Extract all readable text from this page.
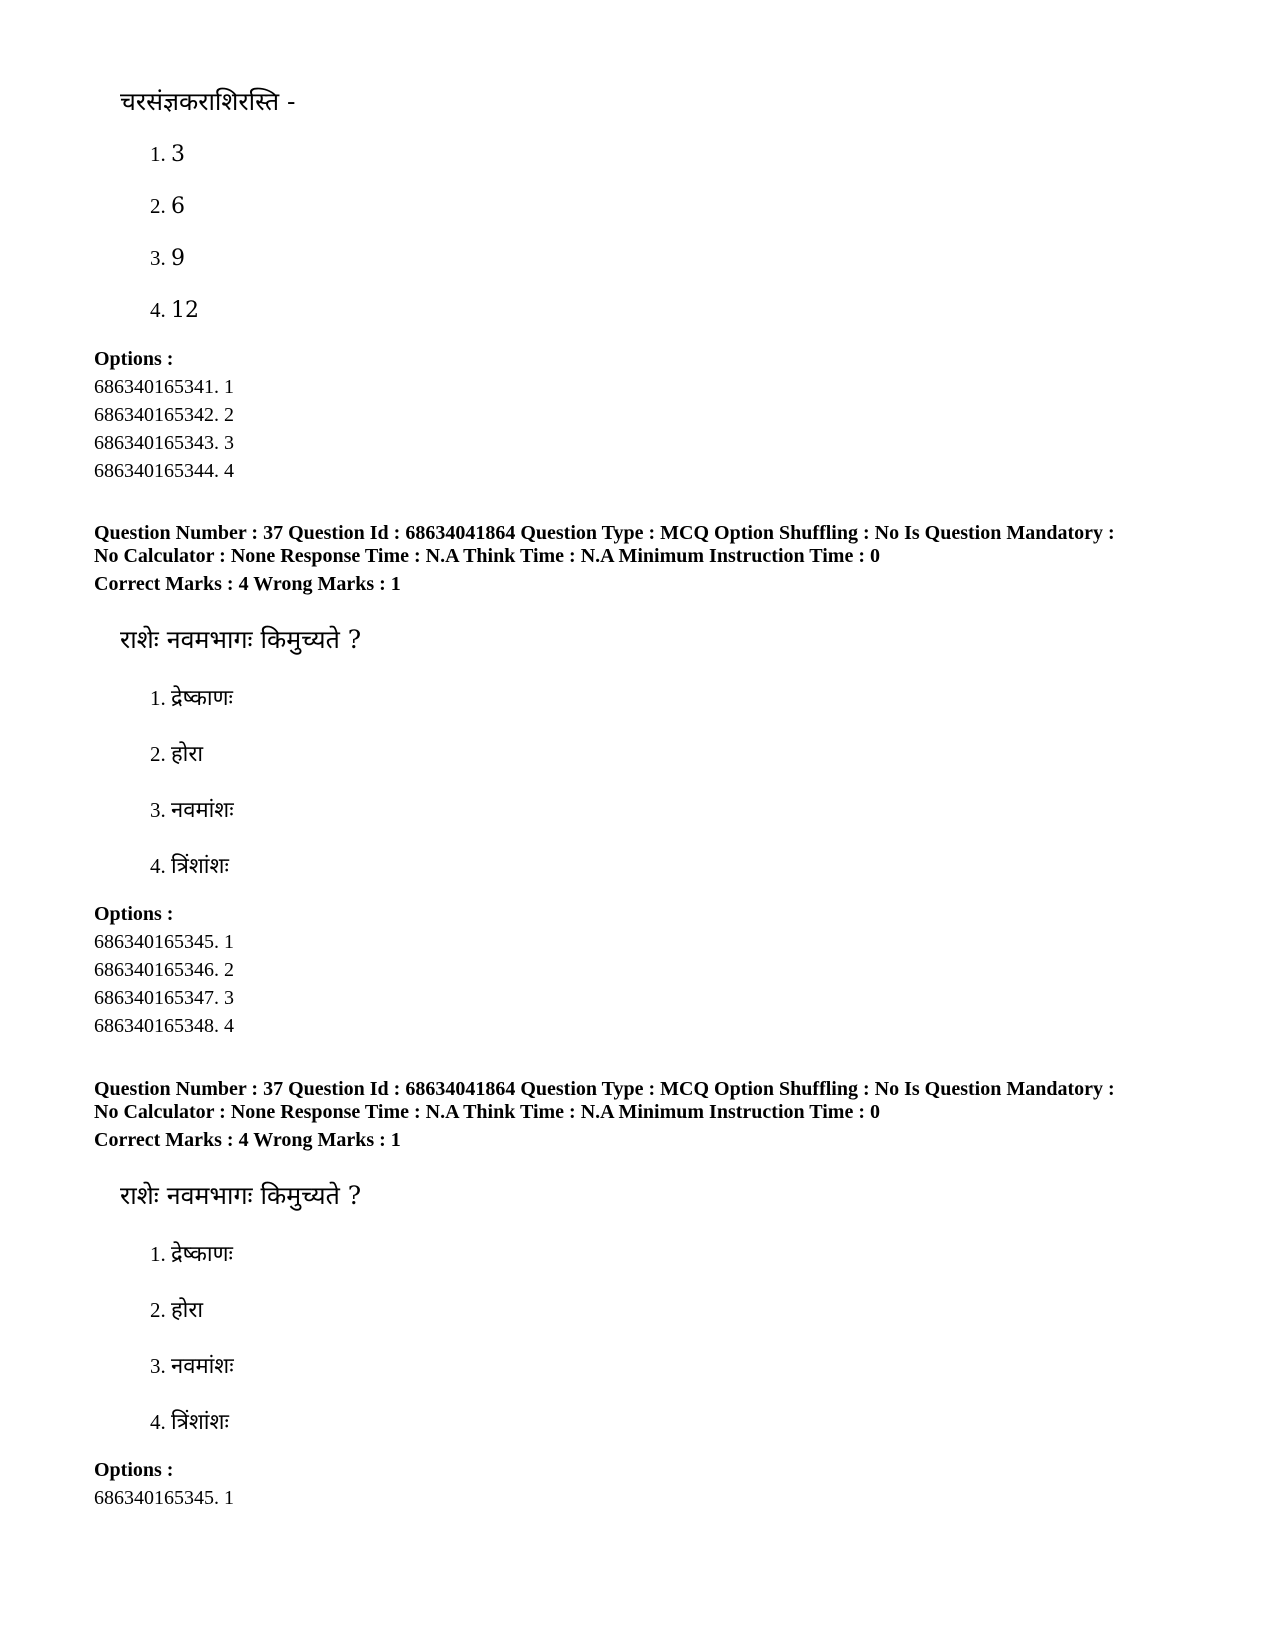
चरसंज्ञकराशिरस्ति -
1. 3
2. 6
3. 9
4. 12
Options :
686340165341. 1
686340165342. 2
686340165343. 3
686340165344. 4
Question Number : 37 Question Id : 68634041864 Question Type : MCQ Option Shuffling : No Is Question Mandatory :
No Calculator : None Response Time : N.A Think Time : N.A Minimum Instruction Time : 0
Correct Marks : 4 Wrong Marks : 1
राशेः नवमभागः किमुच्यते ?
1. द्रेष्काणः
2. होरा
3. नवमांशः
4. त्रिंशांशः
Options :
686340165345. 1
686340165346. 2
686340165347. 3
686340165348. 4
Question Number : 37 Question Id : 68634041864 Question Type : MCQ Option Shuffling : No Is Question Mandatory :
No Calculator : None Response Time : N.A Think Time : N.A Minimum Instruction Time : 0
Correct Marks : 4 Wrong Marks : 1
राशेः नवमभागः किमुच्यते ?
1. द्रेष्काणः
2. होरा
3. नवमांशः
4. त्रिंशांशः
Options :
686340165345. 1
